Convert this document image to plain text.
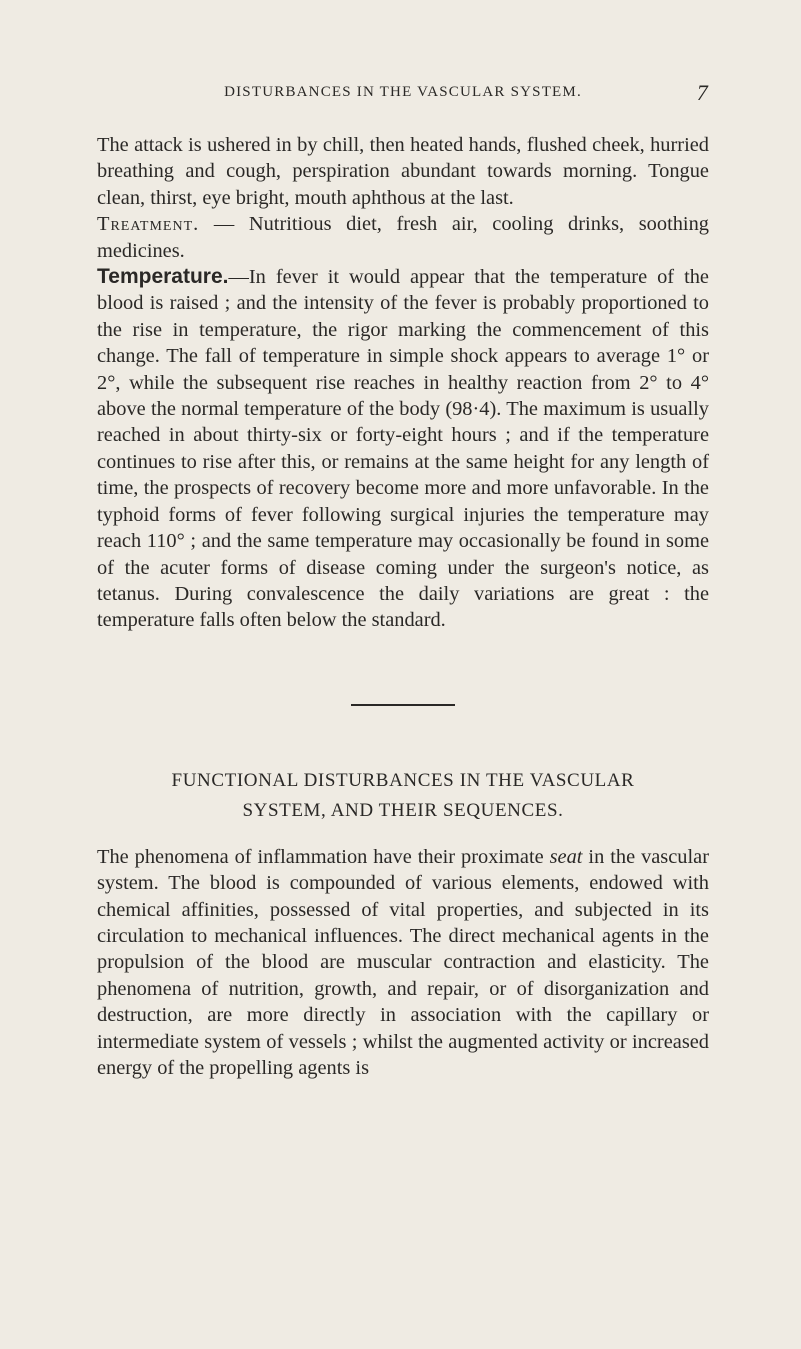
DISTURBANCES IN THE VASCULAR SYSTEM.	7

The attack is ushered in by chill, then heated hands, flushed cheek, hurried breathing and cough, perspiration abundant towards morning. Tongue clean, thirst, eye bright, mouth aphthous at the last.

Treatment. — Nutritious diet, fresh air, cooling drinks, soothing medicines.

Temperature.—In fever it would appear that the temperature of the blood is raised ; and the intensity of the fever is probably proportioned to the rise in temperature, the rigor marking the commencement of this change. The fall of temperature in simple shock appears to average 1° or 2°, while the subsequent rise reaches in healthy reaction from 2° to 4° above the normal temperature of the body (98·4). The maximum is usually reached in about thirty-six or forty-eight hours ; and if the temperature continues to rise after this, or remains at the same height for any length of time, the prospects of recovery become more and more unfavorable. In the typhoid forms of fever following surgical injuries the temperature may reach 110° ; and the same temperature may occasionally be found in some of the acuter forms of disease coming under the surgeon's notice, as tetanus. During convalescence the daily variations are great : the temperature falls often below the standard.

FUNCTIONAL DISTURBANCES IN THE VASCULAR
SYSTEM, AND THEIR SEQUENCES.

The phenomena of inflammation have their proximate seat in the vascular system. The blood is compounded of various elements, endowed with chemical affinities, possessed of vital properties, and subjected in its circulation to mechanical influences. The direct mechanical agents in the propulsion of the blood are muscular contraction and elasticity. The phenomena of nutrition, growth, and repair, or of disorganization and destruction, are more directly in association with the capillary or intermediate system of vessels ; whilst the augmented activity or increased energy of the propelling agents is
